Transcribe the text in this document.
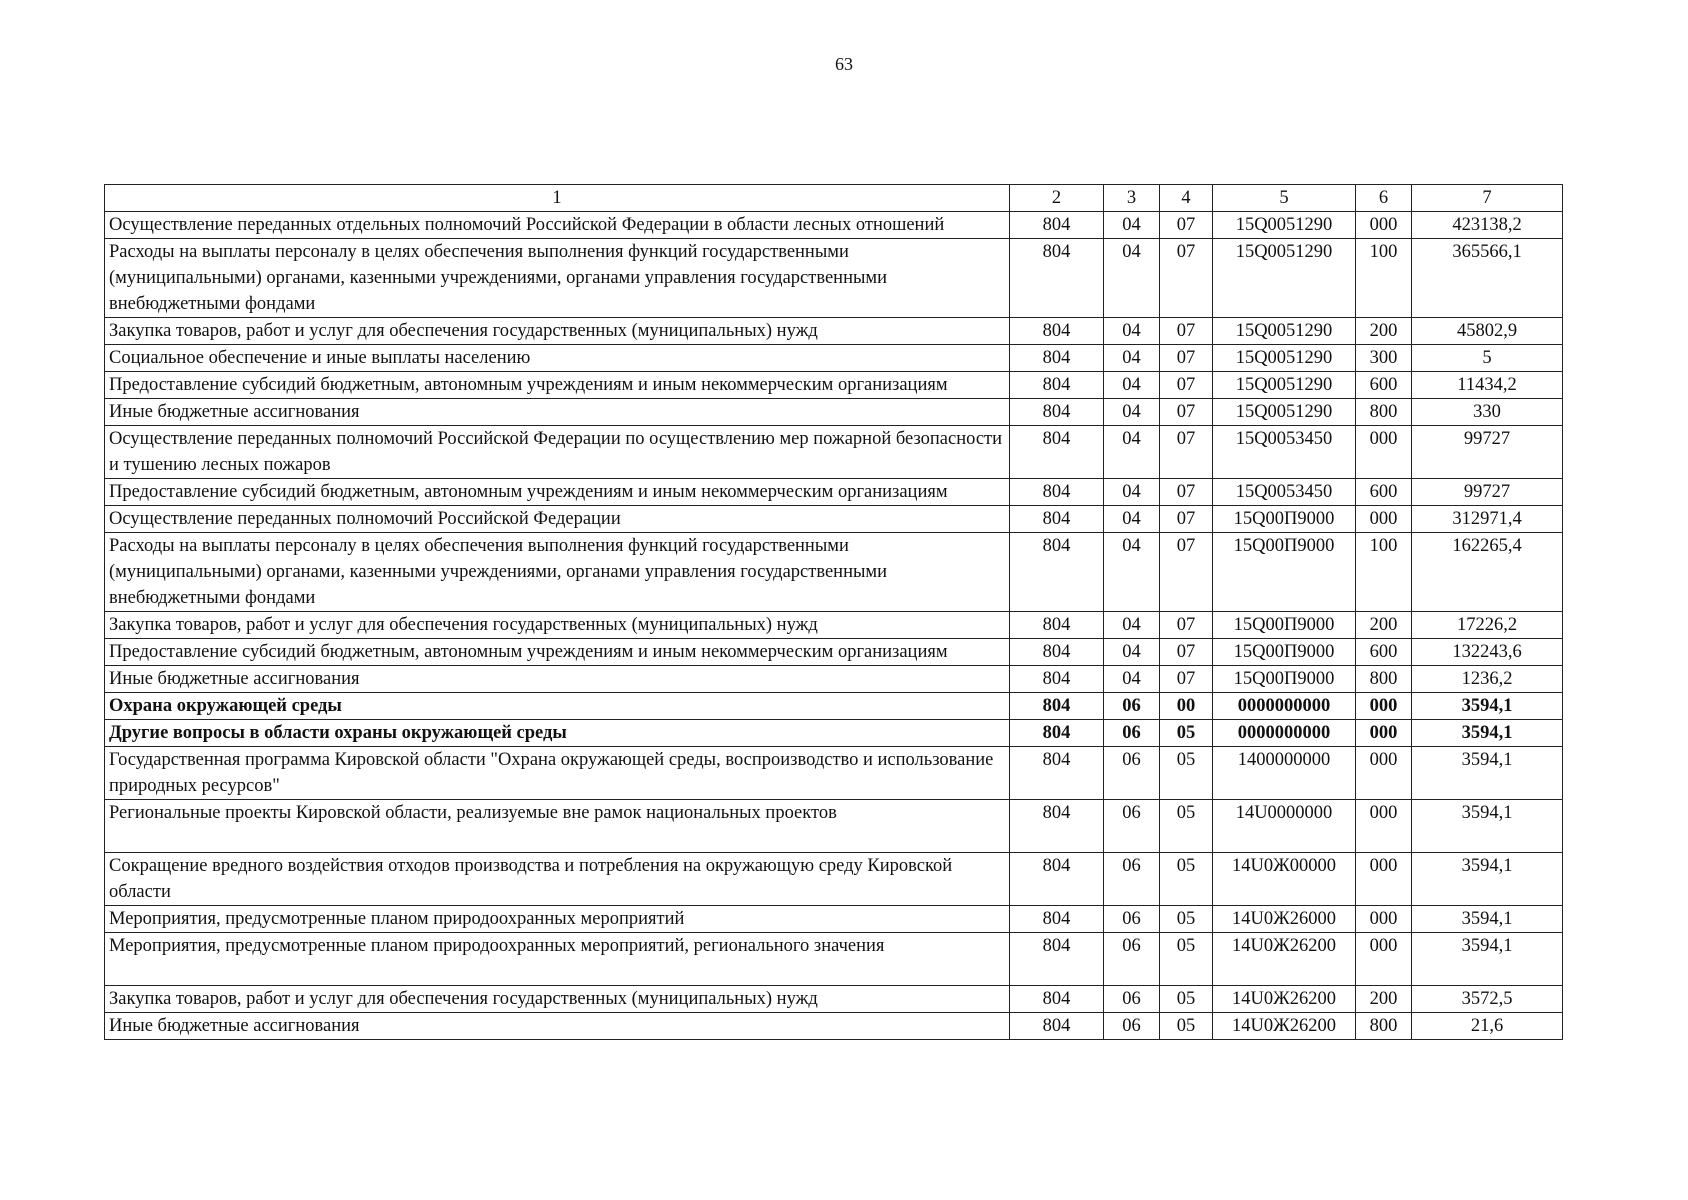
63
1	2	3	4	5	6	7
Осуществление переданных отдельных полномочий Российской Федерации в области лесных отношений	804	04	07	15Q0051290	000	423138,2
Расходы на выплаты персоналу в целях обеспечения выполнения функций государственными (муниципальными) органами, казенными учреждениями, органами управления государственными внебюджетными фондами	804	04	07	15Q0051290	100	365566,1
Закупка товаров, работ и услуг для обеспечения государственных (муниципальных) нужд	804	04	07	15Q0051290	200	45802,9
Социальное обеспечение и иные выплаты населению	804	04	07	15Q0051290	300	5
Предоставление субсидий бюджетным, автономным учреждениям и иным некоммерческим организациям	804	04	07	15Q0051290	600	11434,2
Иные бюджетные ассигнования	804	04	07	15Q0051290	800	330
Осуществление переданных полномочий Российской Федерации по осуществлению мер пожарной безопасности и тушению лесных пожаров	804	04	07	15Q0053450	000	99727
Предоставление субсидий бюджетным, автономным учреждениям и иным некоммерческим организациям	804	04	07	15Q0053450	600	99727
Осуществление переданных полномочий Российской Федерации	804	04	07	15Q00П9000	000	312971,4
Расходы на выплаты персоналу в целях обеспечения выполнения функций государственными (муниципальными) органами, казенными учреждениями, органами управления государственными внебюджетными фондами	804	04	07	15Q00П9000	100	162265,4
Закупка товаров, работ и услуг для обеспечения государственных (муниципальных) нужд	804	04	07	15Q00П9000	200	17226,2
Предоставление субсидий бюджетным, автономным учреждениям и иным некоммерческим организациям	804	04	07	15Q00П9000	600	132243,6
Иные бюджетные ассигнования	804	04	07	15Q00П9000	800	1236,2
Охрана окружающей среды	804	06	00	0000000000	000	3594,1
Другие вопросы в области охраны окружающей среды	804	06	05	0000000000	000	3594,1
Государственная программа Кировской области "Охрана окружающей среды, воспроизводство и использование природных ресурсов"	804	06	05	1400000000	000	3594,1
Региональные проекты Кировской области, реализуемые вне рамок национальных проектов	804	06	05	14U0000000	000	3594,1
Сокращение вредного воздействия отходов производства и потребления на окружающую среду Кировской области	804	06	05	14U0Ж00000	000	3594,1
Мероприятия, предусмотренные планом природоохранных мероприятий	804	06	05	14U0Ж26000	000	3594,1
Мероприятия, предусмотренные планом природоохранных мероприятий, регионального значения	804	06	05	14U0Ж26200	000	3594,1
Закупка товаров, работ и услуг для обеспечения государственных (муниципальных) нужд	804	06	05	14U0Ж26200	200	3572,5
Иные бюджетные ассигнования	804	06	05	14U0Ж26200	800	21,6
